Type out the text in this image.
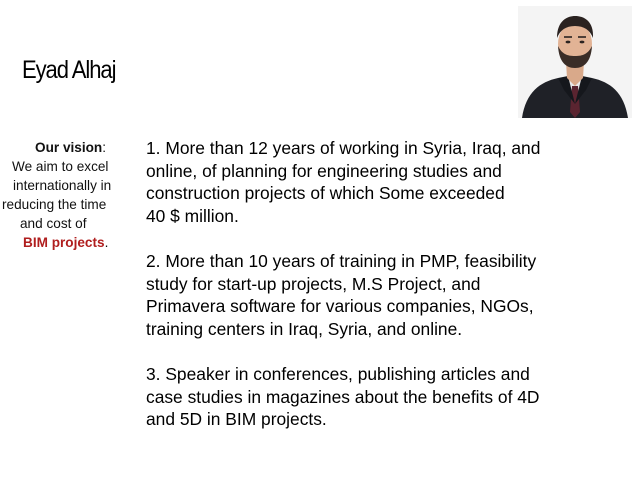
Eyad Alhaj
Our vision:
We aim to excel
internationally in
reducing the time
and cost of
BIM projects.
1. More than 12 years of working in Syria, Iraq, and
online, of planning for engineering studies and
construction projects of which Some exceeded
40 $ million.
2. More than 10 years of training in PMP, feasibility
study for start-up projects, M.S Project, and
Primavera software for various companies, NGOs,
training centers in Iraq, Syria, and online.
3. Speaker in conferences, publishing articles and
case studies in magazines about the benefits of 4D
and 5D in BIM projects.
